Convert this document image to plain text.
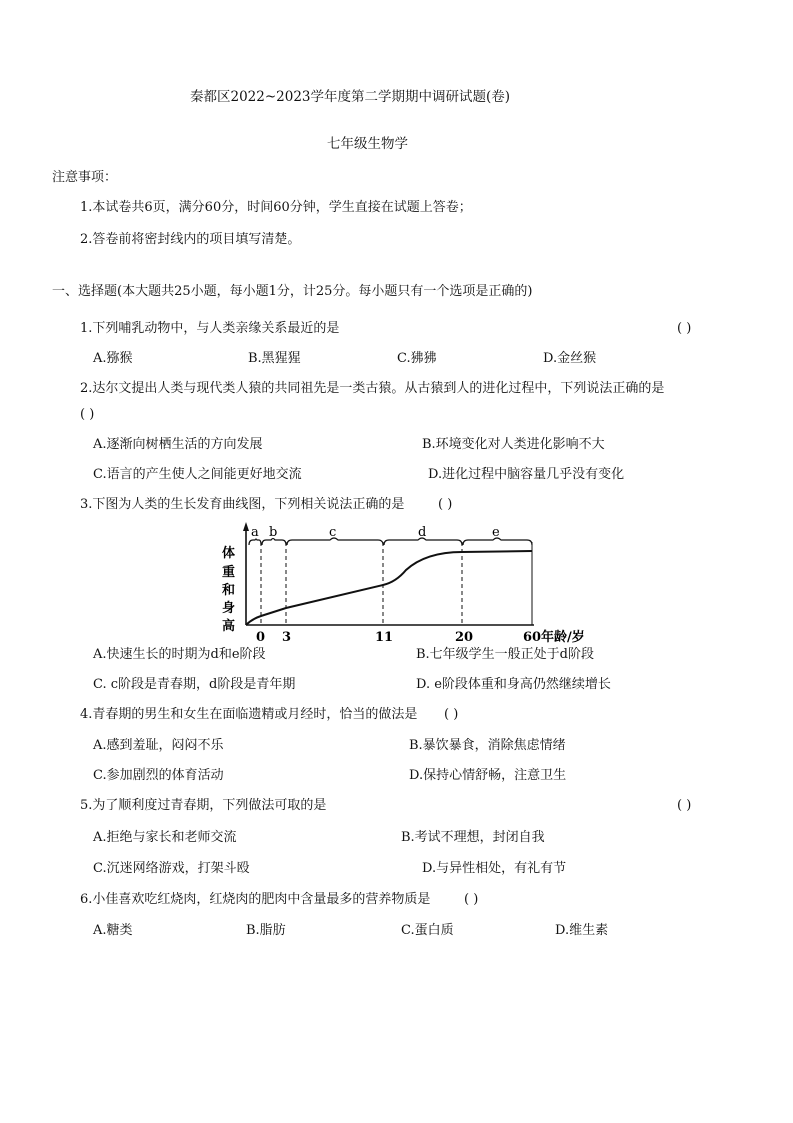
秦都区2022~2023学年度第二学期期中调研试题(卷)
七年级生物学
注意事项：
1.本试卷共6页，满分60分，时间60分钟，学生直接在试题上答卷；
2.答卷前将密封线内的项目填写清楚。
一、选择题(本大题共25小题，每小题1分，计25分。每小题只有一个选项是正确的)
1.下列哺乳动物中，与人类亲缘关系最近的是	( )
A.猕猴	B.黑猩猩	C.狒狒	D.金丝猴
2.达尔文提出人类与现代类人猿的共同祖先是一类古猿。从古猿到人的进化过程中，下列说法正确的是
( )
A.逐渐向树栖生活的方向发展	B.环境变化对人类进化影响不大
C.语言的产生使人之间能更好地交流	D.进化过程中脑容量几乎没有变化
3.下图为人类的生长发育曲线图，下列相关说法正确的是	( )
体
重
和
身
高
a b	c	d	e
0 3	11	20	60 年龄/岁
A.快速生长的时期为d和e阶段	B.七年级学生一般正处于d阶段
C. c阶段是青春期，d阶段是青年期	D. e阶段体重和身高仍然继续增长
4.青春期的男生和女生在面临遗精或月经时，恰当的做法是 ( )
A.感到羞耻，闷闷不乐	B.暴饮暴食，消除焦虑情绪
C.参加剧烈的体育活动	D.保持心情舒畅，注意卫生
5.为了顺利度过青春期，下列做法可取的是	( )
A.拒绝与家长和老师交流	B.考试不理想，封闭自我
C.沉迷网络游戏，打架斗殴	D.与异性相处，有礼有节
6.小佳喜欢吃红烧肉，红烧肉的肥肉中含量最多的营养物质是	( )
A.糖类	B.脂肪	C.蛋白质	D.维生素
